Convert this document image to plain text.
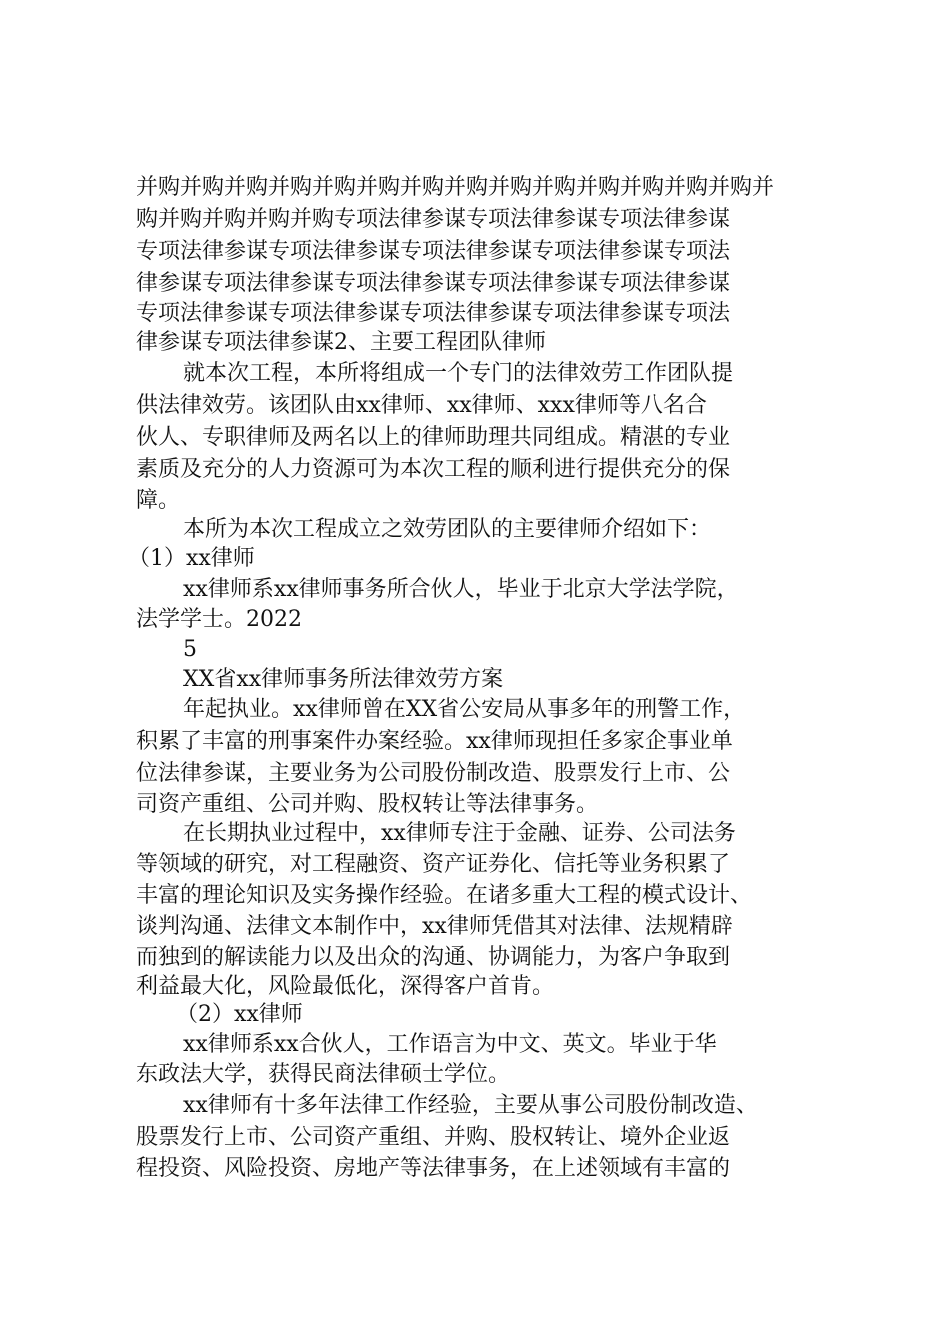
并购并购并购并购并购并购并购并购并购并购并购并购并购并购并
购并购并购并购并购专项法律参谋专项法律参谋专项法律参谋
专项法律参谋专项法律参谋专项法律参谋专项法律参谋专项法
律参谋专项法律参谋专项法律参谋专项法律参谋专项法律参谋
专项法律参谋专项法律参谋专项法律参谋专项法律参谋专项法
律参谋专项法律参谋2、主要工程团队律师
就本次工程，本所将组成一个专门的法律效劳工作团队提
供法律效劳。该团队由xx律师、xx律师、xxx律师等八名合
伙人、专职律师及两名以上的律师助理共同组成。精湛的专业
素质及充分的人力资源可为本次工程的顺利进行提供充分的保
障。
本所为本次工程成立之效劳团队的主要律师介绍如下：
（1）xx律师
xx律师系xx律师事务所合伙人，毕业于北京大学法学院，
法学学士。2022
5
XX省xx律师事务所法律效劳方案
年起执业。xx律师曾在XX省公安局从事多年的刑警工作，
积累了丰富的刑事案件办案经验。xx律师现担任多家企事业单
位法律参谋，主要业务为公司股份制改造、股票发行上市、公
司资产重组、公司并购、股权转让等法律事务。
在长期执业过程中，xx律师专注于金融、证券、公司法务
等领域的研究，对工程融资、资产证券化、信托等业务积累了
丰富的理论知识及实务操作经验。在诸多重大工程的模式设计、
谈判沟通、法律文本制作中，xx律师凭借其对法律、法规精辟
而独到的解读能力以及出众的沟通、协调能力，为客户争取到
利益最大化，风险最低化，深得客户首肯。
（2）xx律师
xx律师系xx合伙人，工作语言为中文、英文。毕业于华
东政法大学，获得民商法律硕士学位。
xx律师有十多年法律工作经验，主要从事公司股份制改造、
股票发行上市、公司资产重组、并购、股权转让、境外企业返
程投资、风险投资、房地产等法律事务，在上述领域有丰富的
